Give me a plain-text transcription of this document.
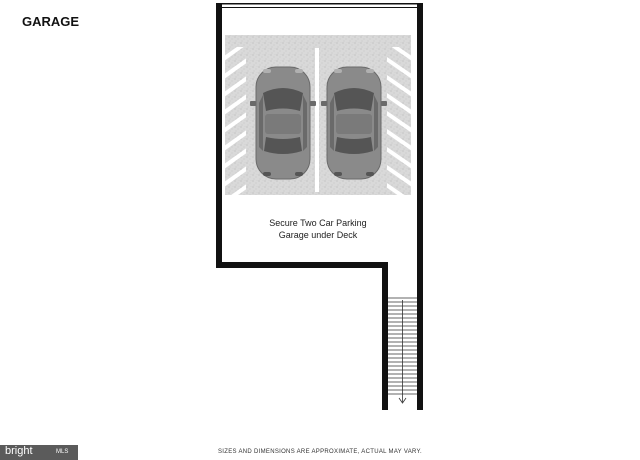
GARAGE
Secure Two Car Parking
Garage under Deck
SIZES AND DIMENSIONS ARE APPROXIMATE, ACTUAL MAY VARY.
bright	MLS
